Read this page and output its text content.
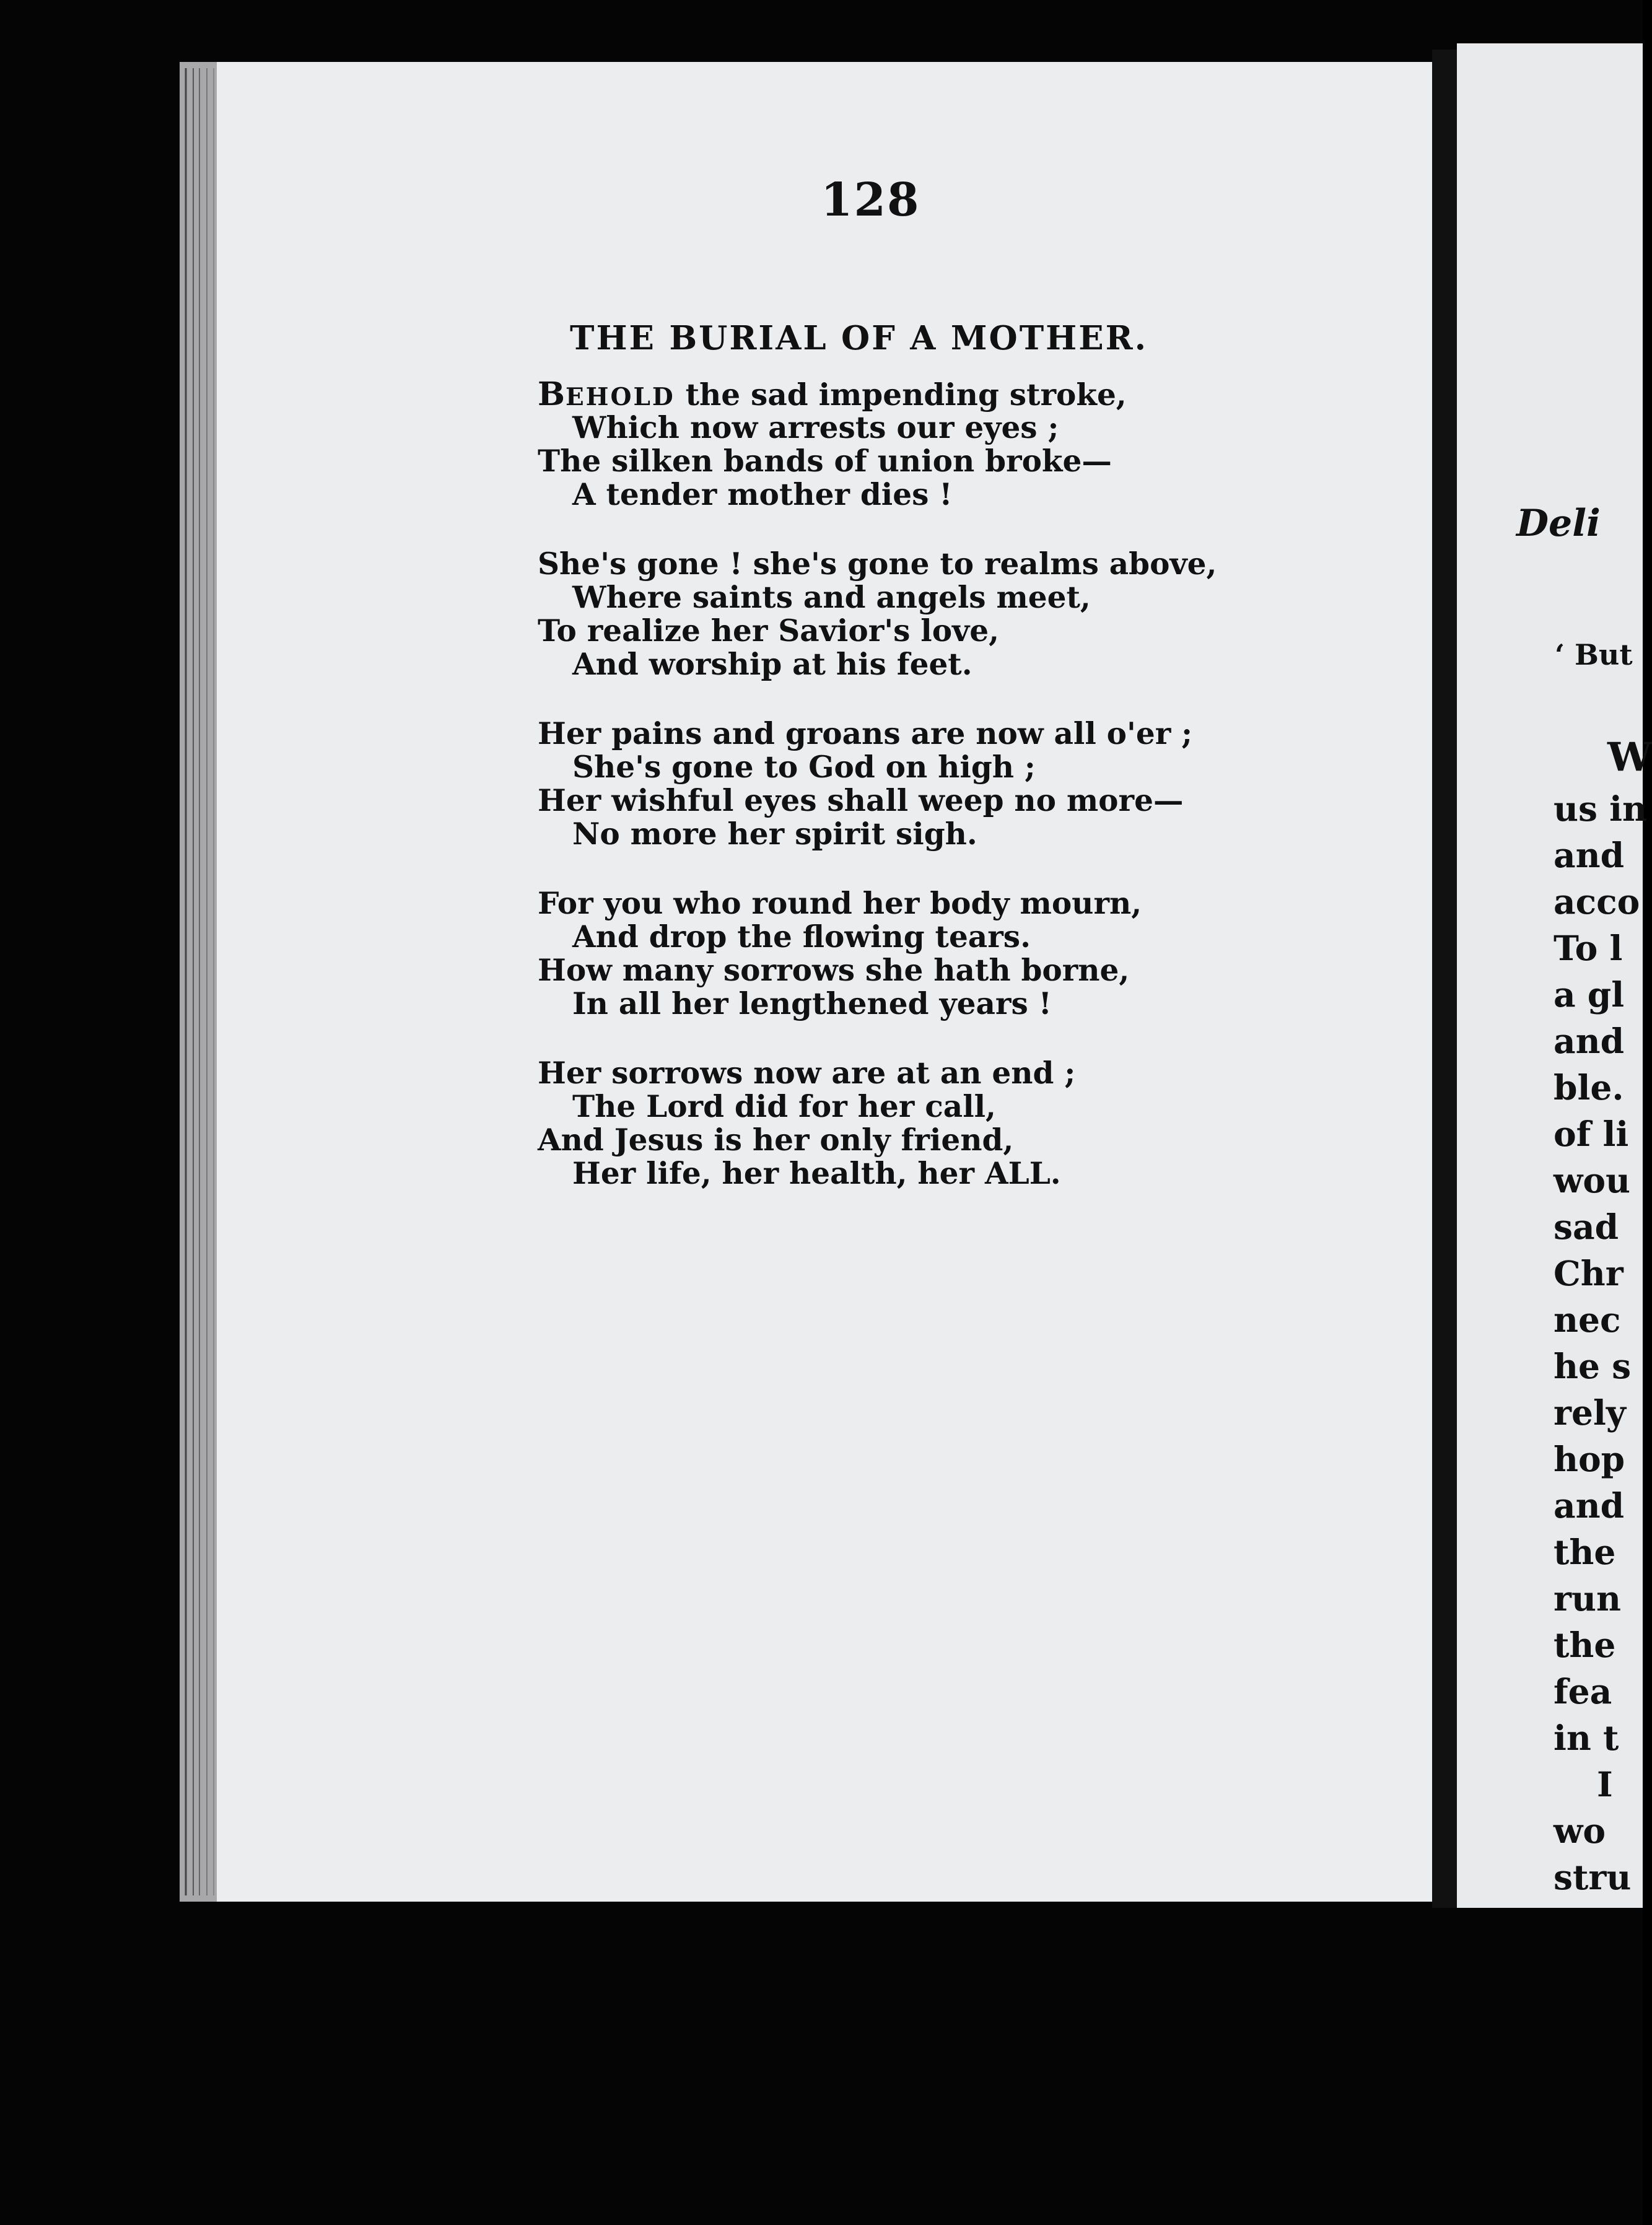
128
THE BURIAL OF A MOTHER.
BEHOLD the sad impending stroke,
Which now arrests our eyes ;
The silken bands of union broke—
A tender mother dies !
She's gone ! she's gone to realms above,
Where saints and angels meet,
To realize her Savior's love,
And worship at his feet.
Her pains and groans are now all o'er ;
She's gone to God on high ;
Her wishful eyes shall weep no more—
No more her spirit sigh.
For you who round her body mourn,
And drop the flowing tears.
How many sorrows she hath borne,
In all her lengthened years !
Her sorrows now are at an end ;
The Lord did for her call,
And Jesus is her only friend,
Her life, her health, her ALL.
Deli
‘ But
W
us in
and
acco
To l
a gl
and
ble.
of li
wou
sad
Chr
nec
he s
rely
hop
and
the
run
the
fea
in t
I
wo
stru
